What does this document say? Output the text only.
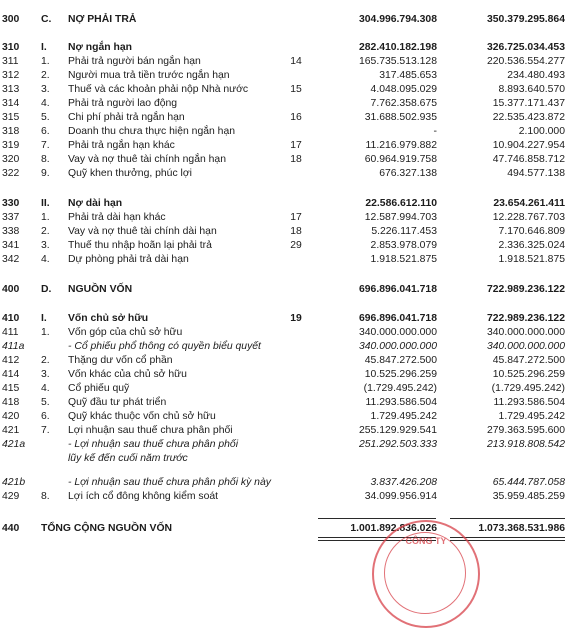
300	C. NỢ PHẢI TRẢ	304.996.794.308	350.379.295.864
310	I. Nợ ngắn hạn	282.410.182.198	326.725.034.453
311	1. Phải trả người bán ngắn hạn	14	165.735.513.128	220.536.554.277
312	2. Người mua trả tiền trước ngắn hạn	317.485.653	234.480.493
313	3. Thuế và các khoản phải nộp Nhà nước	15	4.048.095.029	8.893.640.570
314	4. Phải trả người lao động	7.762.358.675	15.377.171.437
315	5. Chi phí phải trả ngắn hạn	16	31.688.502.935	22.535.423.872
318	6. Doanh thu chưa thực hiện ngắn hạn	-	2.100.000
319	7. Phải trả ngắn hạn khác	17	11.216.979.882	10.904.227.954
320	8. Vay và nợ thuê tài chính ngắn hạn	18	60.964.919.758	47.746.858.712
322	9. Quỹ khen thưởng, phúc lợi	676.327.138	494.577.138
330	II. Nợ dài hạn	22.586.612.110	23.654.261.411
337	1. Phải trả dài hạn khác	17	12.587.994.703	12.228.767.703
338	2. Vay và nợ thuê tài chính dài hạn	18	5.226.117.453	7.170.646.809
341	3. Thuế thu nhập hoãn lại phải trả	29	2.853.978.079	2.336.325.024
342	4. Dự phòng phải trả dài hạn	1.918.521.875	1.918.521.875
400	D. NGUỒN VỐN	696.896.041.718	722.989.236.122
410	I. Vốn chủ sở hữu	19	696.896.041.718	722.989.236.122
411	1. Vốn góp của chủ sở hữu	340.000.000.000	340.000.000.000
411a	- Cổ phiếu phổ thông có quyền biểu quyết	340.000.000.000	340.000.000.000
412	2. Thặng dư vốn cổ phần	45.847.272.500	45.847.272.500
414	3. Vốn khác của chủ sở hữu	10.525.296.259	10.525.296.259
415	4. Cổ phiếu quỹ	(1.729.495.242)	(1.729.495.242)
418	5. Quỹ đầu tư phát triển	11.293.586.504	11.293.586.504
420	6. Quỹ khác thuộc vốn chủ sở hữu	1.729.495.242	1.729.495.242
421	7. Lợi nhuận sau thuế chưa phân phối	255.129.929.541	279.363.595.600
421a	- Lợi nhuận sau thuế chưa phân phối	251.292.503.333	213.918.808.542
lũy kế đến cuối năm trước
421b	- Lợi nhuận sau thuế chưa phân phối kỳ này	3.837.426.208	65.444.787.058
429	8. Lợi ích cổ đông không kiểm soát	34.099.956.914	35.959.485.259
440	TỔNG CỘNG NGUỒN VỐN	1.001.892.836.026	1.073.368.531.986
CÔNG TY
